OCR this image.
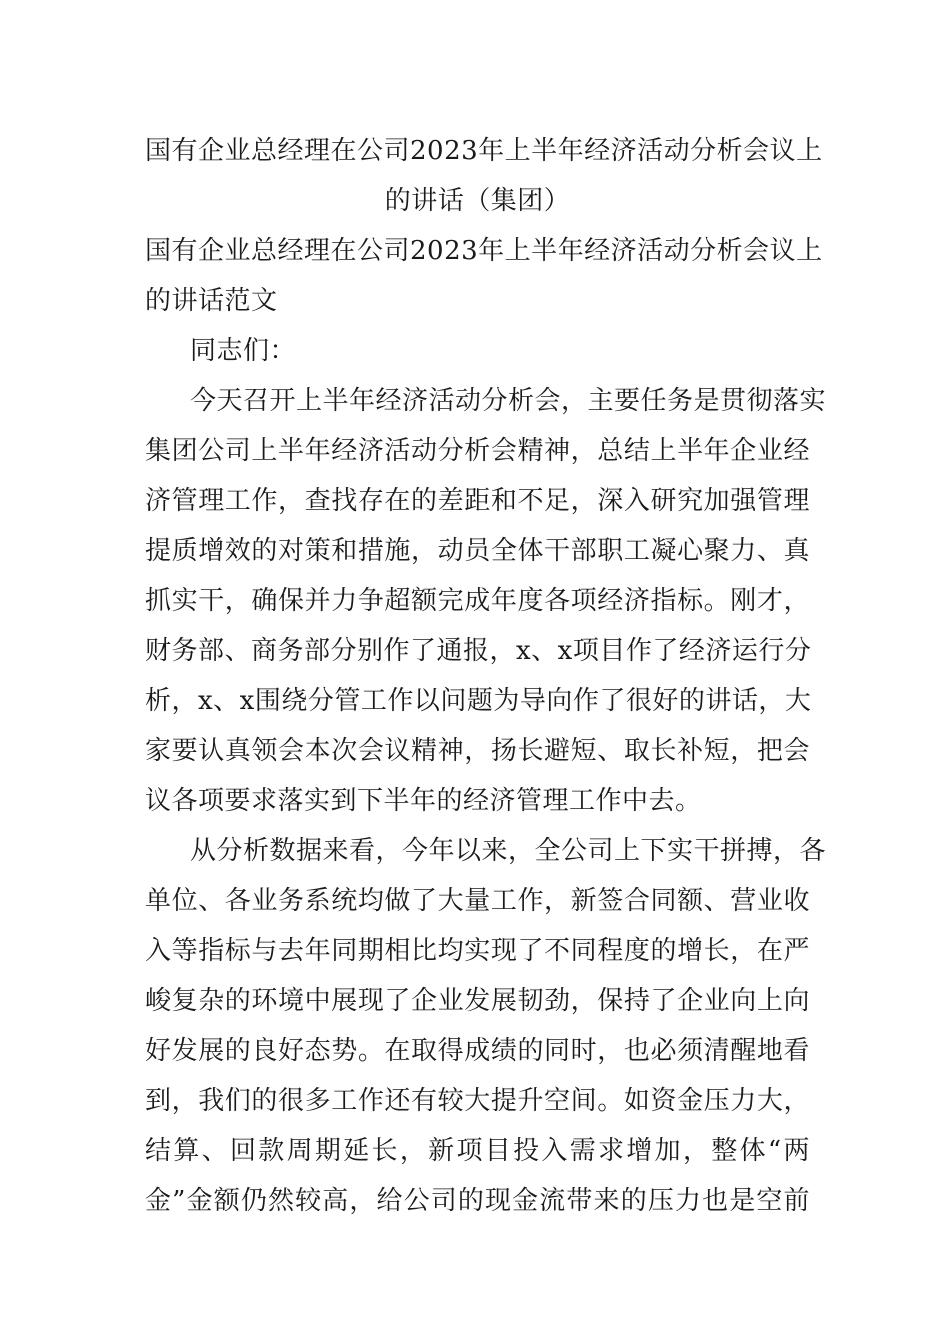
国有企业总经理在公司2023年上半年经济活动分析会议上
的讲话（集团）
国有企业总经理在公司2023年上半年经济活动分析会议上
的讲话范文
同志们：
今天召开上半年经济活动分析会，主要任务是贯彻落实
集团公司上半年经济活动分析会精神，总结上半年企业经
济管理工作，查找存在的差距和不足，深入研究加强管理
提质增效的对策和措施，动员全体干部职工凝心聚力、真
抓实干，确保并力争超额完成年度各项经济指标。刚才，
财务部、商务部分别作了通报，x、x项目作了经济运行分
析，x、x围绕分管工作以问题为导向作了很好的讲话，大
家要认真领会本次会议精神，扬长避短、取长补短，把会
议各项要求落实到下半年的经济管理工作中去。
从分析数据来看，今年以来，全公司上下实干拼搏，各
单位、各业务系统均做了大量工作，新签合同额、营业收
入等指标与去年同期相比均实现了不同程度的增长，在严
峻复杂的环境中展现了企业发展韧劲，保持了企业向上向
好发展的良好态势。在取得成绩的同时，也必须清醒地看
到，我们的很多工作还有较大提升空间。如资金压力大，
结算、回款周期延长，新项目投入需求增加，整体“两
金”金额仍然较高，给公司的现金流带来的压力也是空前
